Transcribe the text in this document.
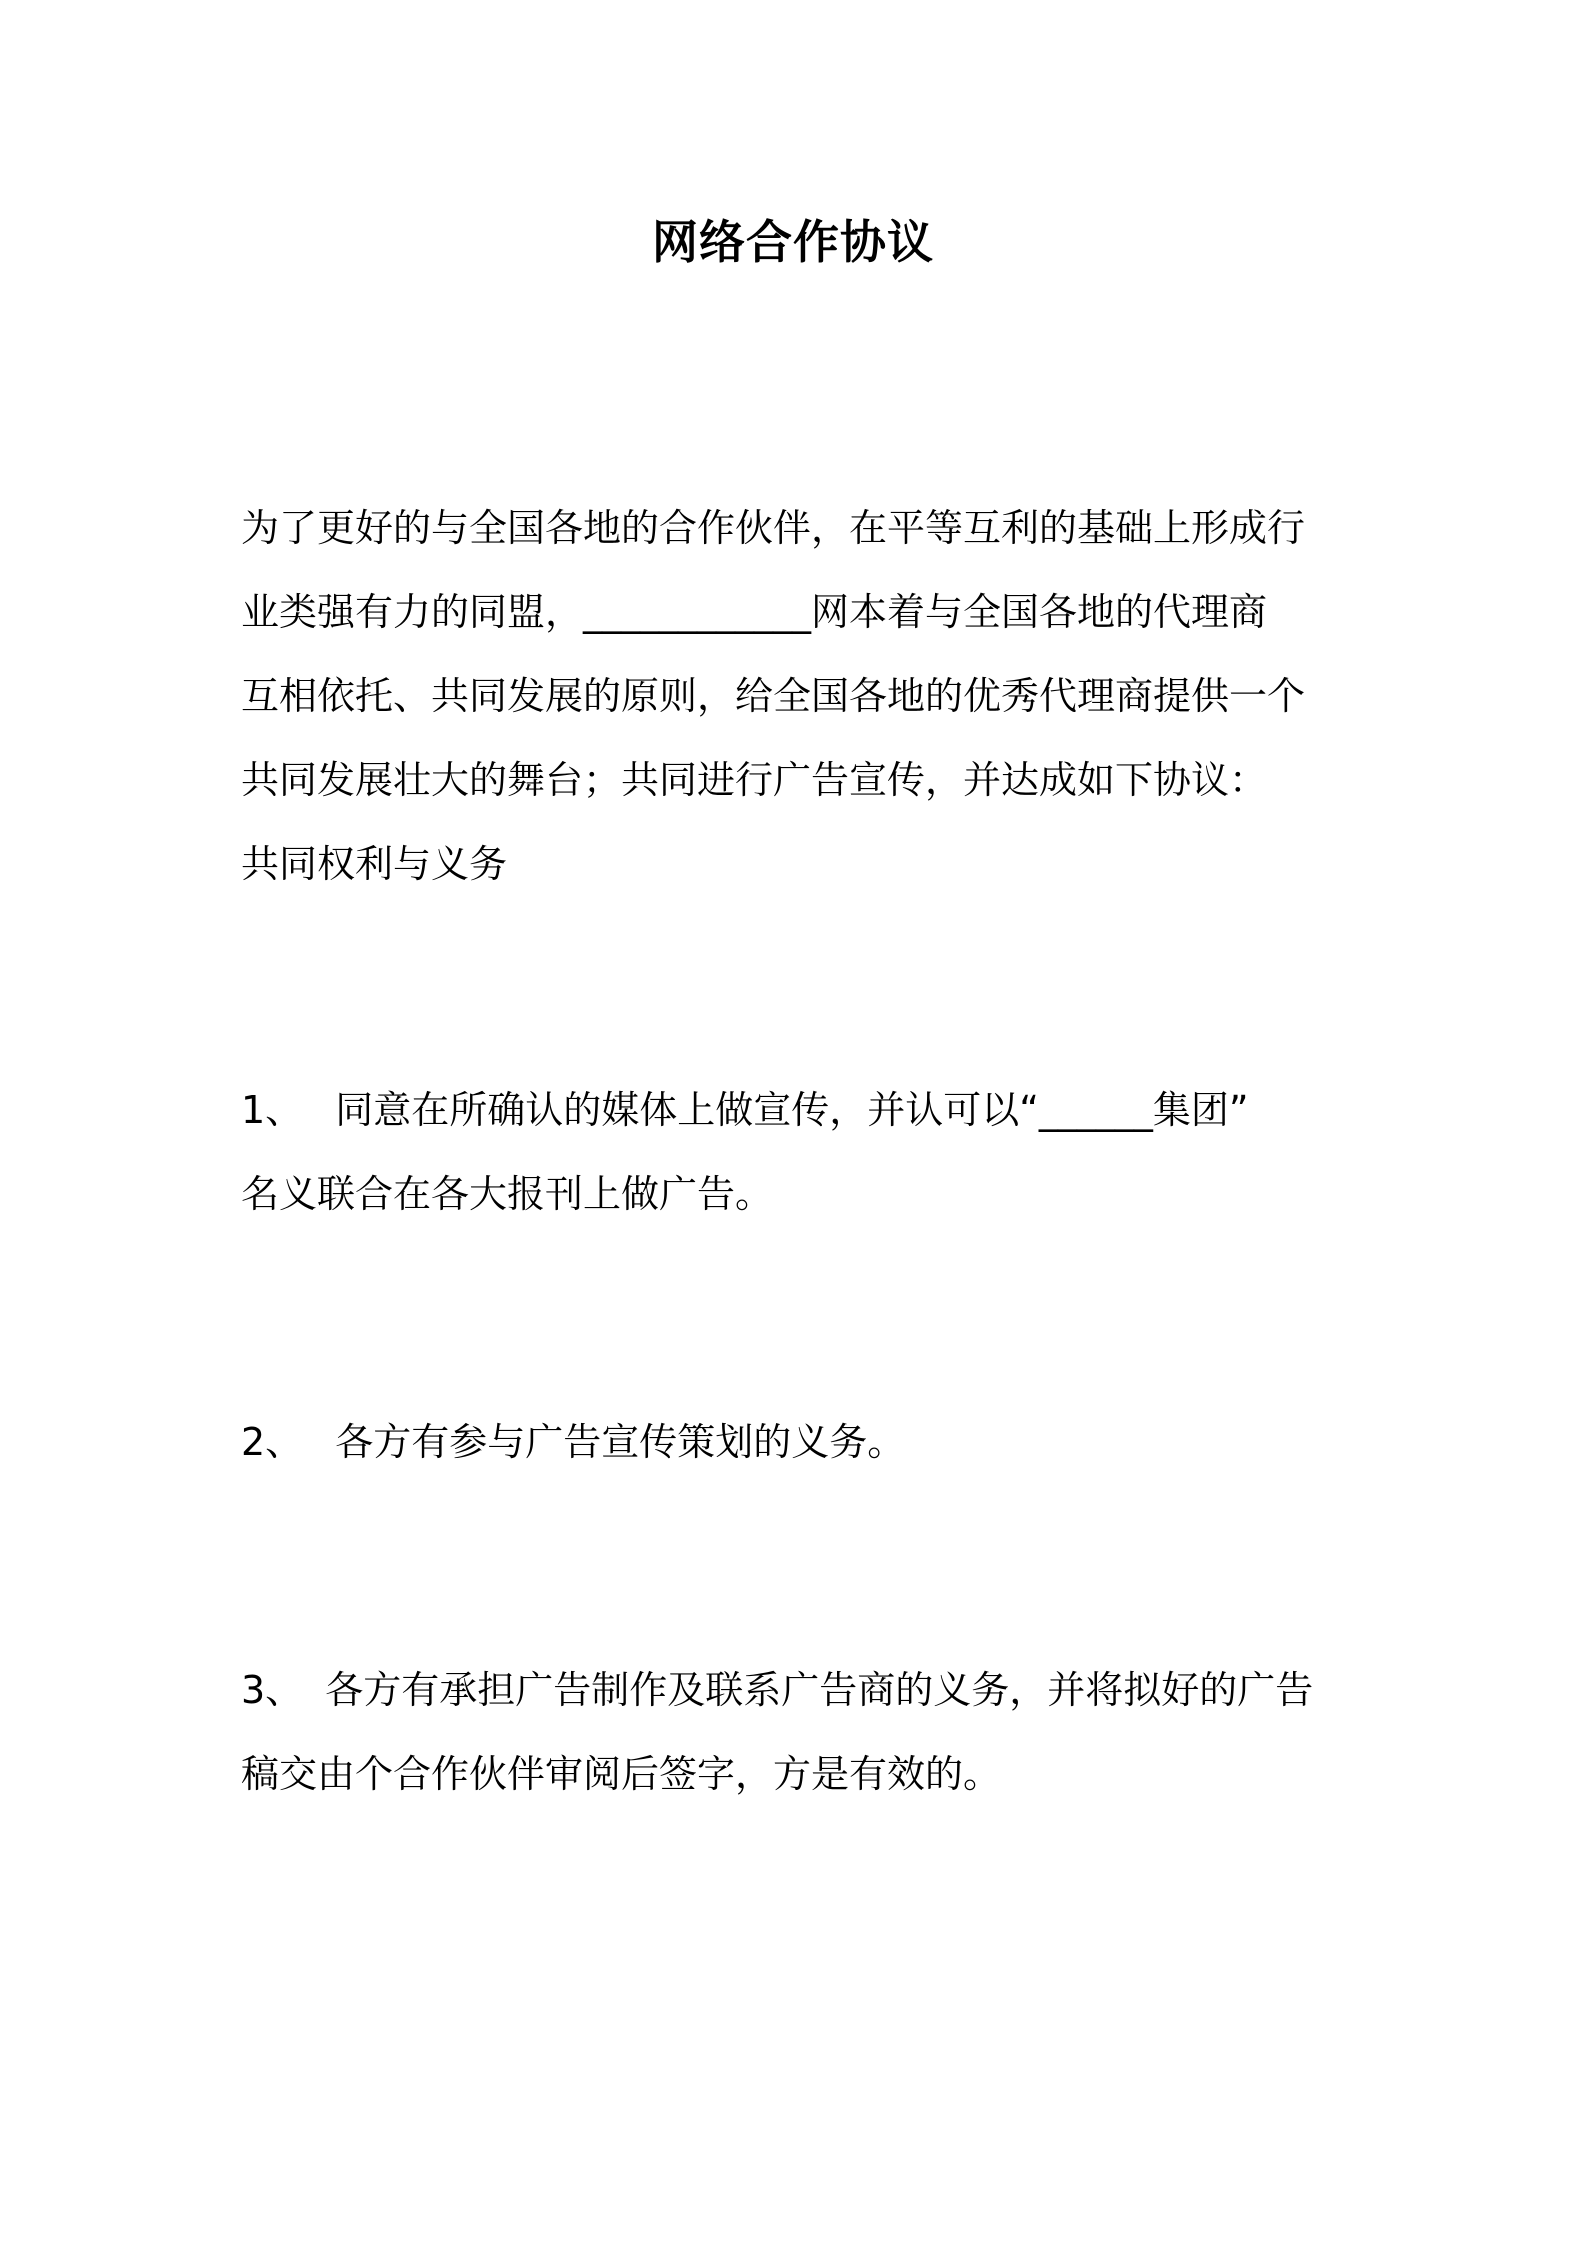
网络合作协议
为了更好的与全国各地的合作伙伴，在平等互利的基础上形成行
业类强有力的同盟，____________网本着与全国各地的代理商
互相依托、共同发展的原则，给全国各地的优秀代理商提供一个
共同发展壮大的舞台；共同进行广告宣传，并达成如下协议：
共同权利与义务
1、 同意在所确认的媒体上做宣传，并认可以“______集团”
名义联合在各大报刊上做广告。
2、 各方有参与广告宣传策划的义务。
3、 各方有承担广告制作及联系广告商的义务，并将拟好的广告
稿交由个合作伙伴审阅后签字，方是有效的。
